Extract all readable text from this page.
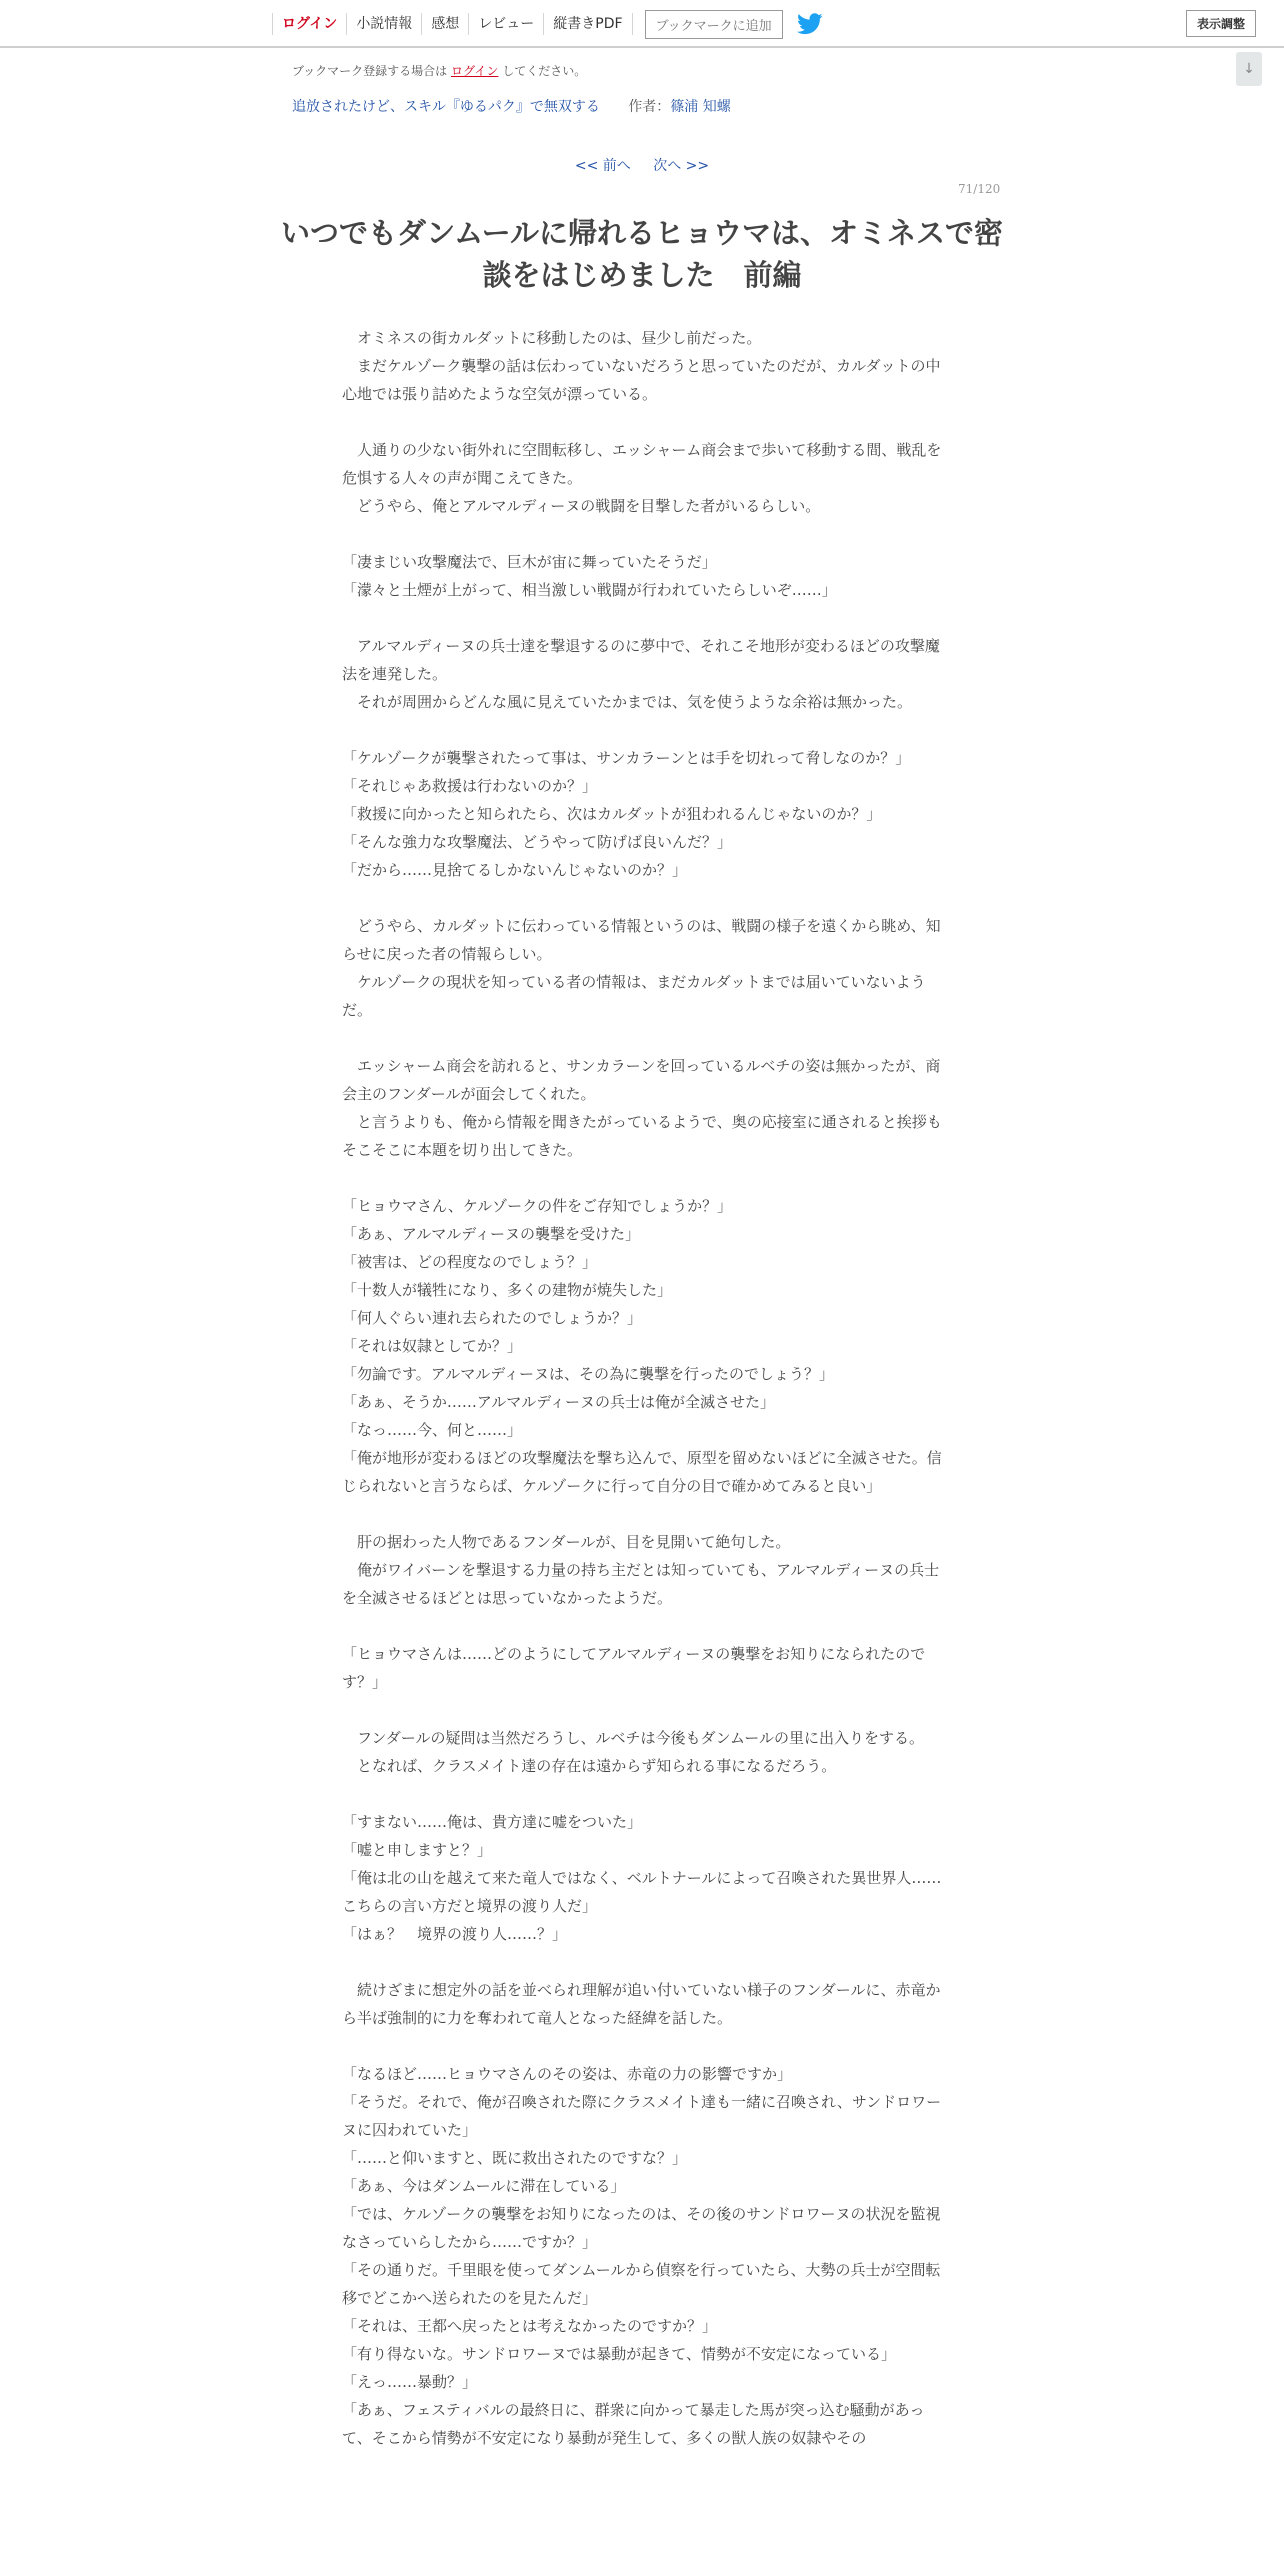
ログイン	小説情報	感想	レビュー	縦書きPDF	ブックマークに追加	表示調整
↓
ブックマーク登録する場合は ログイン してください。
追放されたけど、スキル『ゆるパク』で無双する 作者：篠浦 知螺
<< 前へ 次へ >>
71/120
いつでもダンムールに帰れるヒョウマは、オミネスで密談をはじめました　前編
　オミネスの街カルダットに移動したのは、昼少し前だった。
　まだケルゾーク襲撃の話は伝わっていないだろうと思っていたのだが、カルダットの中心地では張り詰めたような空気が漂っている。

　人通りの少ない街外れに空間転移し、エッシャーム商会まで歩いて移動する間、戦乱を危惧する人々の声が聞こえてきた。
　どうやら、俺とアルマルディーヌの戦闘を目撃した者がいるらしい。

「凄まじい攻撃魔法で、巨木が宙に舞っていたそうだ」
「濛々と土煙が上がって、相当激しい戦闘が行われていたらしいぞ……」

　アルマルディーヌの兵士達を撃退するのに夢中で、それこそ地形が変わるほどの攻撃魔法を連発した。
　それが周囲からどんな風に見えていたかまでは、気を使うような余裕は無かった。

「ケルゾークが襲撃されたって事は、サンカラーンとは手を切れって脅しなのか？」
「それじゃあ救援は行わないのか？」
「救援に向かったと知られたら、次はカルダットが狙われるんじゃないのか？」
「そんな強力な攻撃魔法、どうやって防げば良いんだ？」
「だから……見捨てるしかないんじゃないのか？」

　どうやら、カルダットに伝わっている情報というのは、戦闘の様子を遠くから眺め、知らせに戻った者の情報らしい。
　ケルゾークの現状を知っている者の情報は、まだカルダットまでは届いていないようだ。

　エッシャーム商会を訪れると、サンカラーンを回っているルベチの姿は無かったが、商会主のフンダールが面会してくれた。
　と言うよりも、俺から情報を聞きたがっているようで、奥の応接室に通されると挨拶もそこそこに本題を切り出してきた。

「ヒョウマさん、ケルゾークの件をご存知でしょうか？」
「あぁ、アルマルディーヌの襲撃を受けた」
「被害は、どの程度なのでしょう？」
「十数人が犠牲になり、多くの建物が焼失した」
「何人ぐらい連れ去られたのでしょうか？」
「それは奴隷としてか？」
「勿論です。アルマルディーヌは、その為に襲撃を行ったのでしょう？」
「あぁ、そうか……アルマルディーヌの兵士は俺が全滅させた」
「なっ……今、何と……」
「俺が地形が変わるほどの攻撃魔法を撃ち込んで、原型を留めないほどに全滅させた。信じられないと言うならば、ケルゾークに行って自分の目で確かめてみると良い」

　肝の据わった人物であるフンダールが、目を見開いて絶句した。
　俺がワイバーンを撃退する力量の持ち主だとは知っていても、アルマルディーヌの兵士を全滅させるほどとは思っていなかったようだ。

「ヒョウマさんは……どのようにしてアルマルディーヌの襲撃をお知りになられたのです？」

　フンダールの疑問は当然だろうし、ルベチは今後もダンムールの里に出入りをする。
　となれば、クラスメイト達の存在は遠からず知られる事になるだろう。

「すまない……俺は、貴方達に嘘をついた」
「嘘と申しますと？」
「俺は北の山を越えて来た竜人ではなく、ベルトナールによって召喚された異世界人……こちらの言い方だと境界の渡り人だ」
「はぁ？　境界の渡り人……？」

　続けざまに想定外の話を並べられ理解が追い付いていない様子のフンダールに、赤竜から半ば強制的に力を奪われて竜人となった経緯を話した。

「なるほど……ヒョウマさんのその姿は、赤竜の力の影響ですか」
「そうだ。それで、俺が召喚された際にクラスメイト達も一緒に召喚され、サンドロワーヌに囚われていた」
「……と仰いますと、既に救出されたのですな？」
「あぁ、今はダンムールに滞在している」
「では、ケルゾークの襲撃をお知りになったのは、その後のサンドロワーヌの状況を監視なさっていらしたから……ですか？」
「その通りだ。千里眼を使ってダンムールから偵察を行っていたら、大勢の兵士が空間転移でどこかへ送られたのを見たんだ」
「それは、王都へ戻ったとは考えなかったのですか？」
「有り得ないな。サンドロワーヌでは暴動が起きて、情勢が不安定になっている」
「えっ……暴動？」
「あぁ、フェスティバルの最終日に、群衆に向かって暴走した馬が突っ込む騒動があって、そこから情勢が不安定になり暴動が発生して、多くの獣人族の奴隷やその
